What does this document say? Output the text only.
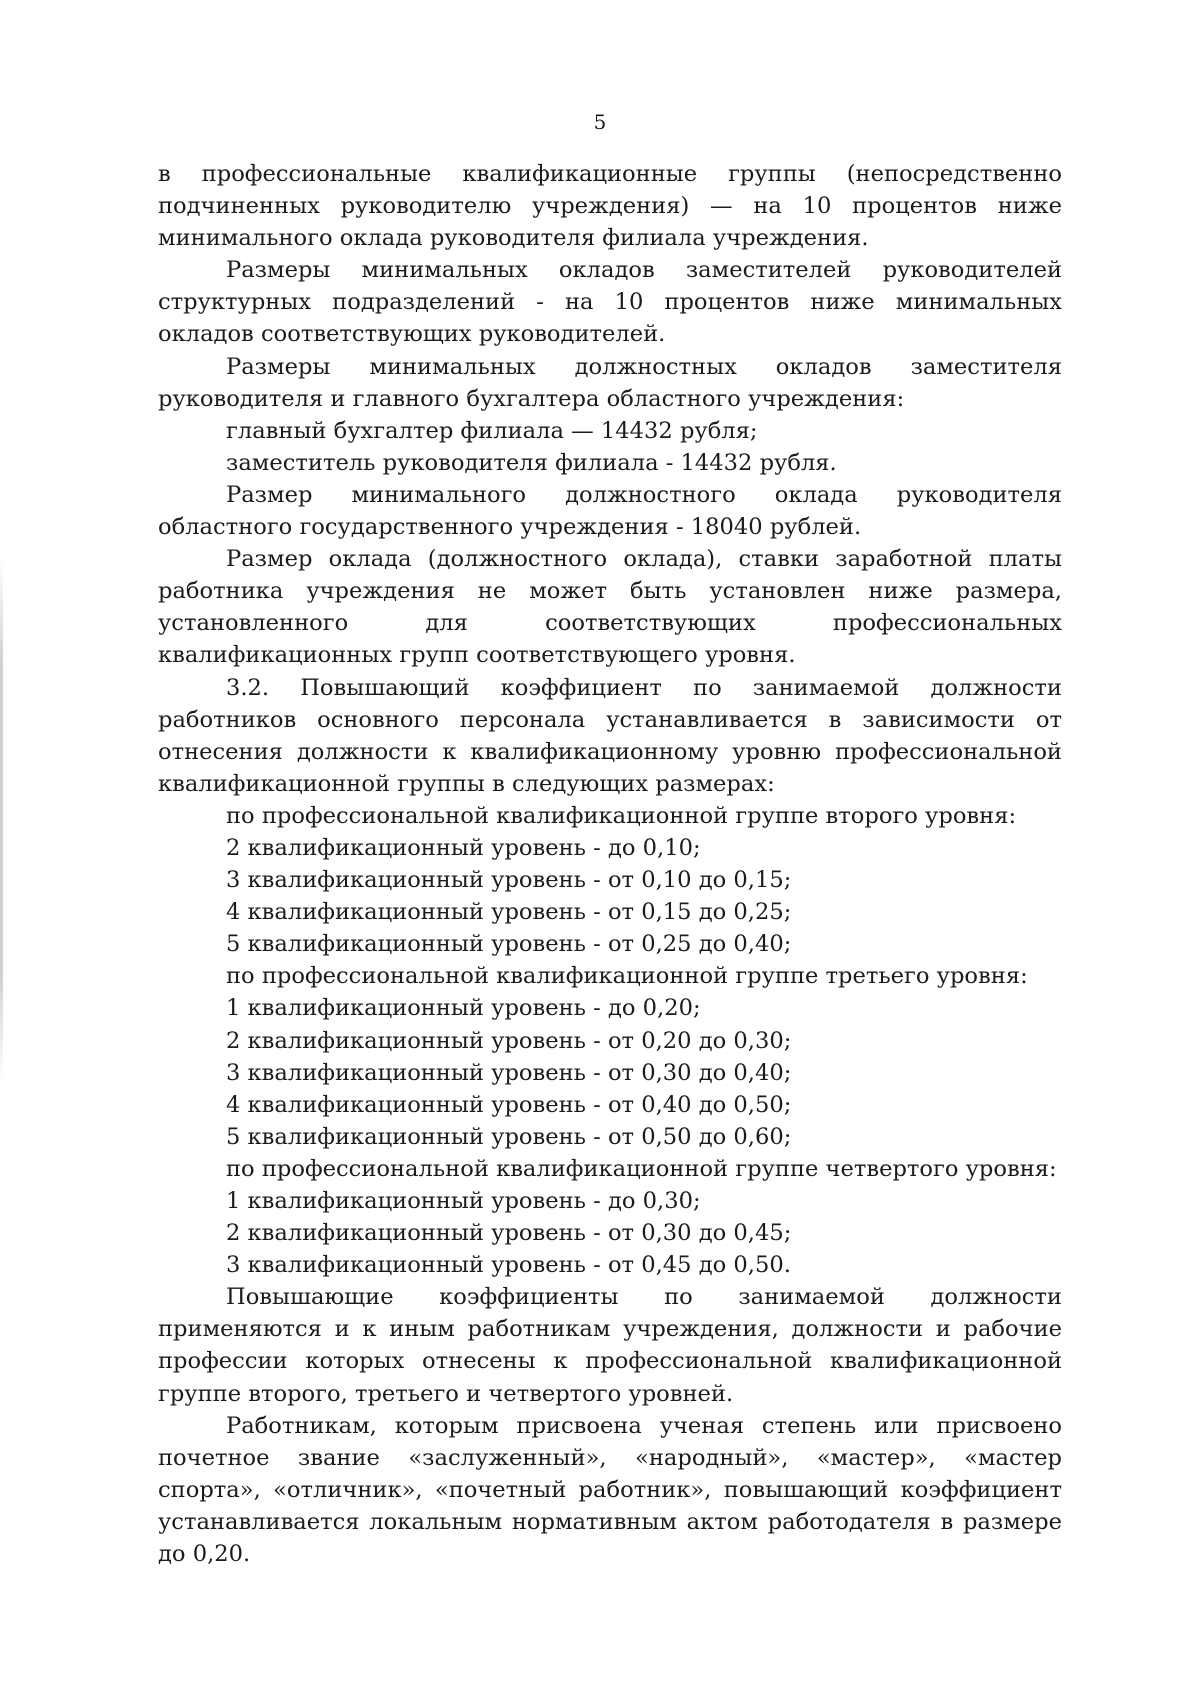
5

в профессиональные квалификационные группы (непосредственно подчиненных руководителю учреждения) — на 10 процентов ниже минимального оклада руководителя филиала учреждения.

Размеры минимальных окладов заместителей руководителей структурных подразделений - на 10 процентов ниже минимальных окладов соответствующих руководителей.

Размеры минимальных должностных окладов заместителя руководителя и главного бухгалтера областного учреждения:

главный бухгалтер филиала — 14432 рубля;

заместитель руководителя филиала - 14432 рубля.

Размер минимального должностного оклада руководителя областного государственного учреждения - 18040 рублей.

Размер оклада (должностного оклада), ставки заработной платы работника учреждения не может быть установлен ниже размера, установленного для соответствующих профессиональных квалификационных групп соответствующего уровня.

3.2. Повышающий коэффициент по занимаемой должности работников основного персонала устанавливается в зависимости от отнесения должности к квалификационному уровню профессиональной квалификационной группы в следующих размерах:

по профессиональной квалификационной группе второго уровня:

2 квалификационный уровень - до 0,10;

3 квалификационный уровень - от 0,10 до 0,15;

4 квалификационный уровень - от 0,15 до 0,25;

5 квалификационный уровень - от 0,25 до 0,40;

по профессиональной квалификационной группе третьего уровня:

1 квалификационный уровень - до 0,20;

2 квалификационный уровень - от 0,20 до 0,30;

3 квалификационный уровень - от 0,30 до 0,40;

4 квалификационный уровень - от 0,40 до 0,50;

5 квалификационный уровень - от 0,50 до 0,60;

по профессиональной квалификационной группе четвертого уровня:

1 квалификационный уровень - до 0,30;

2 квалификационный уровень - от 0,30 до 0,45;

3 квалификационный уровень - от 0,45 до 0,50.

Повышающие коэффициенты по занимаемой должности применяются и к иным работникам учреждения, должности и рабочие профессии которых отнесены к профессиональной квалификационной группе второго, третьего и четвертого уровней.

Работникам, которым присвоена ученая степень или присвоено почетное звание «заслуженный», «народный», «мастер», «мастер спорта», «отличник», «почетный работник», повышающий коэффициент устанавливается локальным нормативным актом работодателя в размере до 0,20.
